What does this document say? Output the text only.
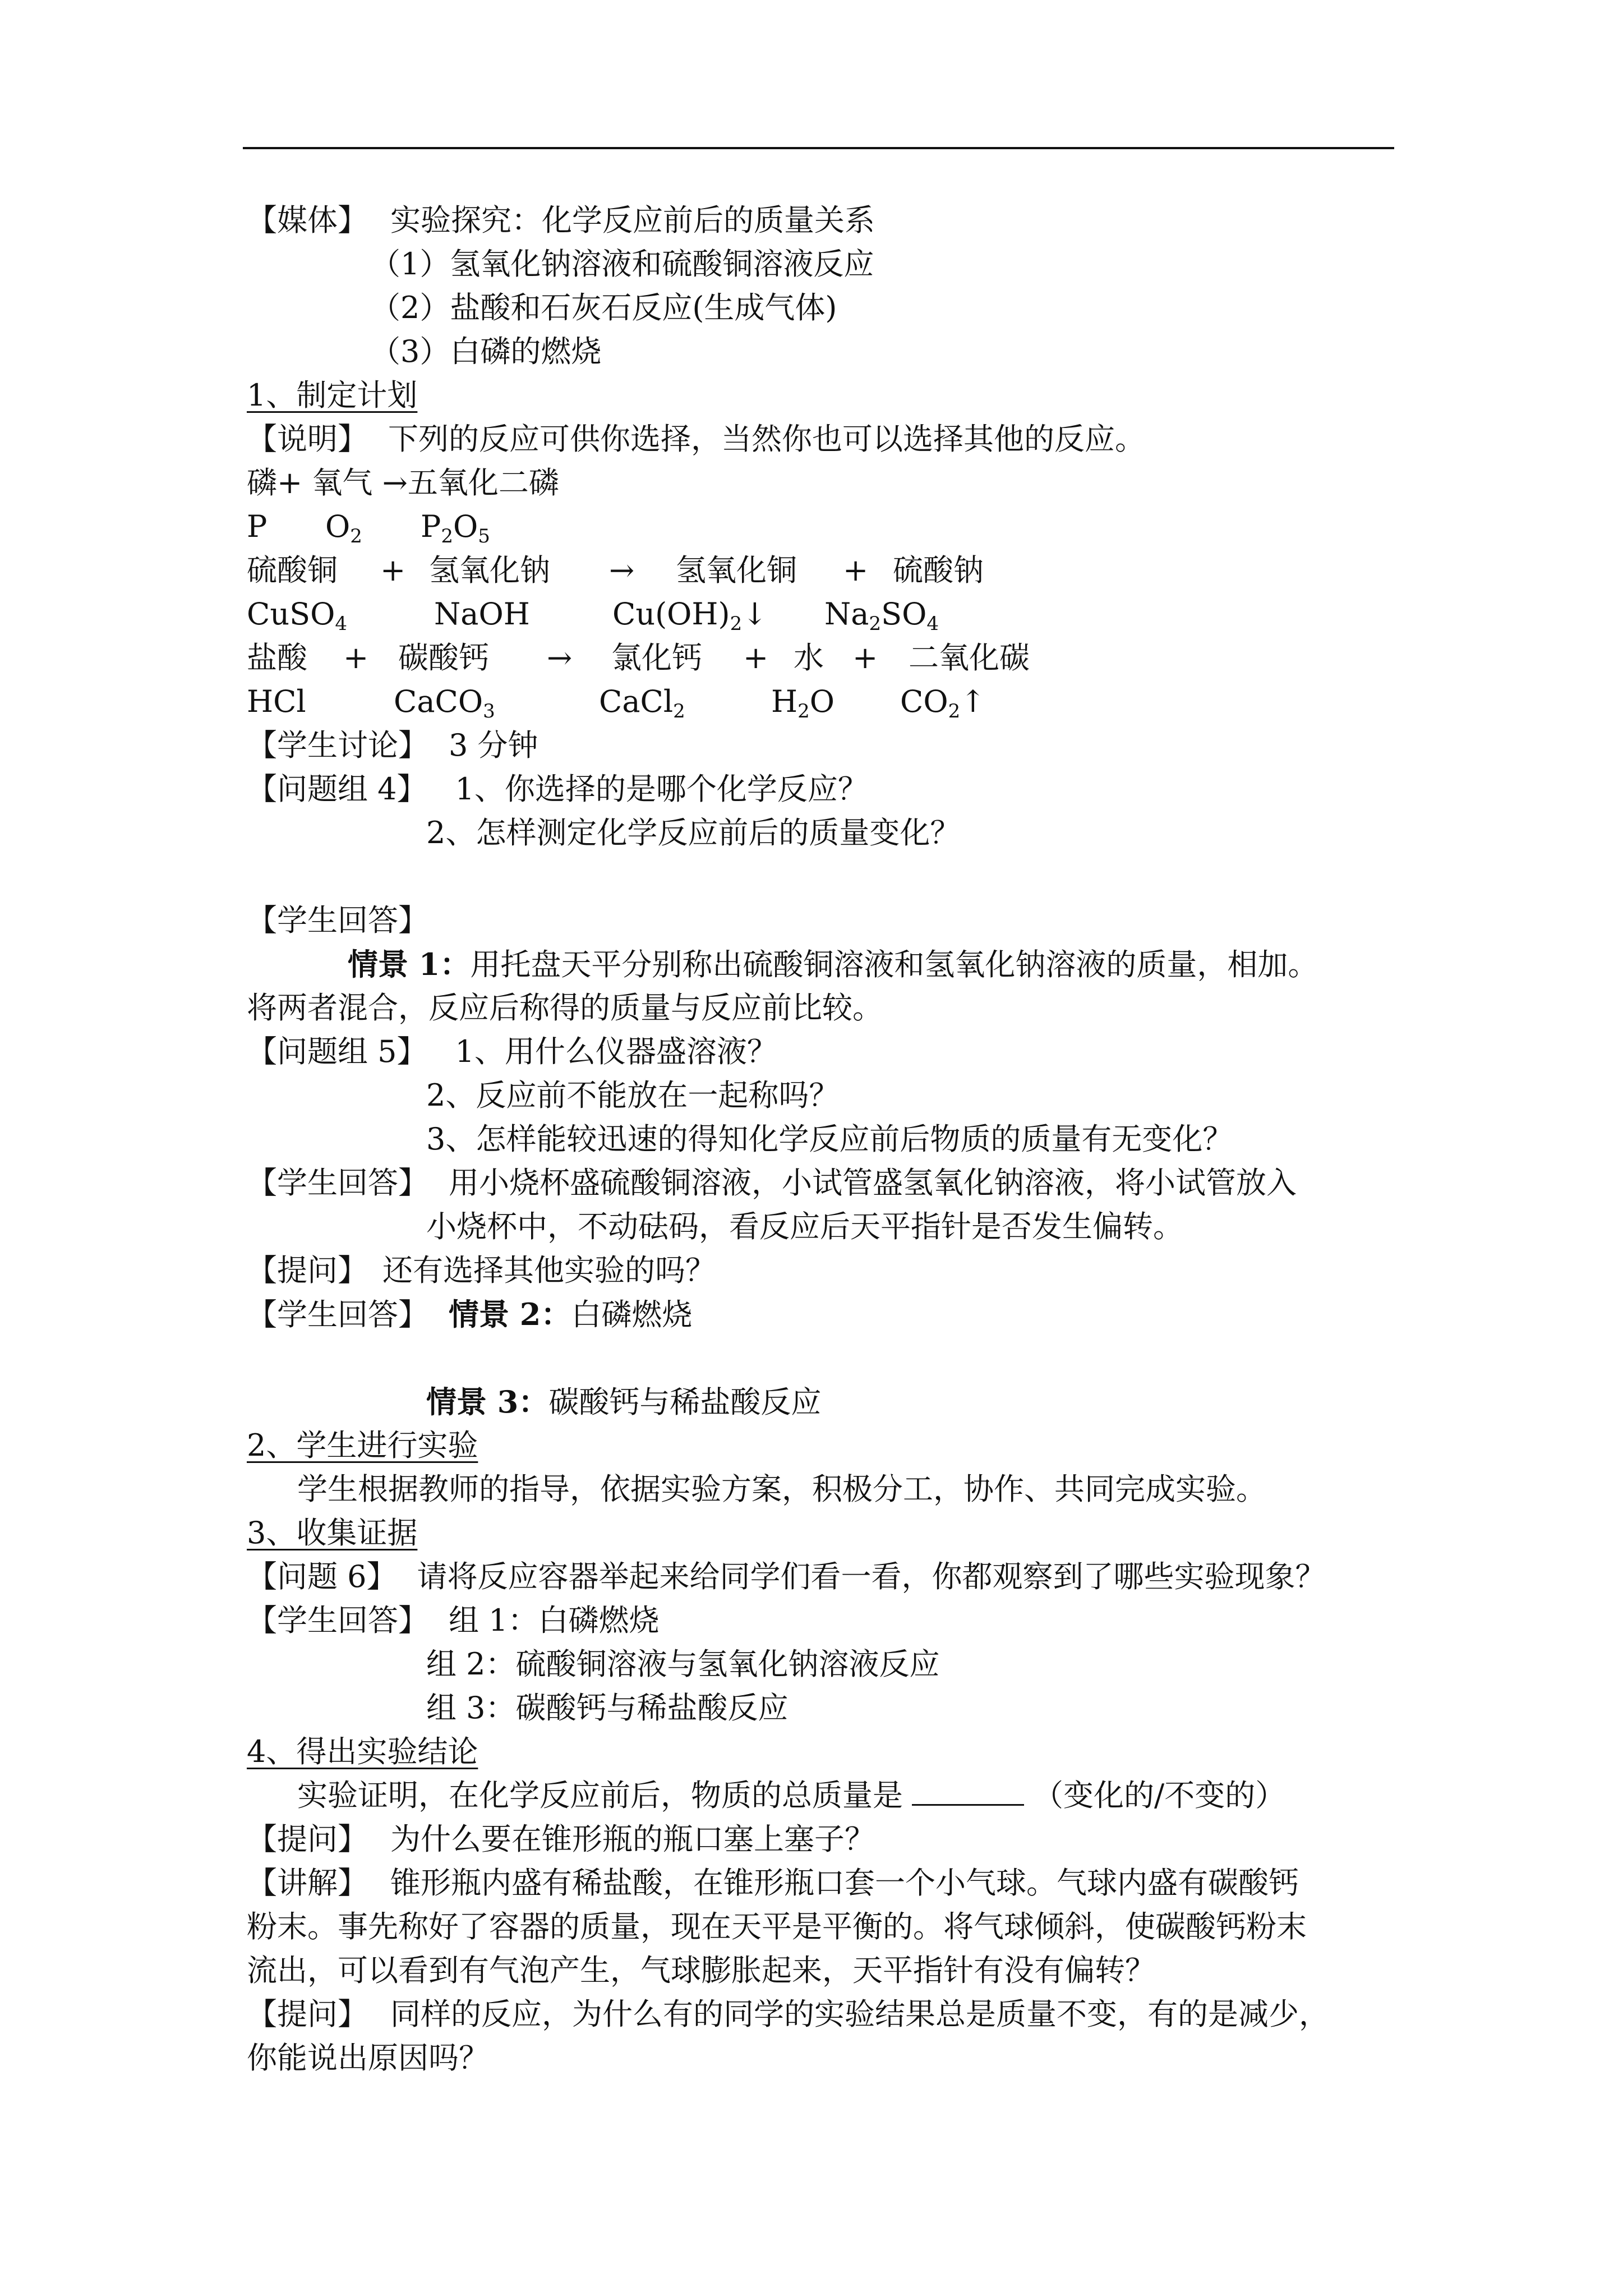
【媒体】 实验探究：化学反应前后的质量关系
（1）氢氧化钠溶液和硫酸铜溶液反应
（2）盐酸和石灰石反应(生成气体)
（3）白磷的燃烧
1、制定计划
【说明】 下列的反应可供你选择，当然你也可以选择其他的反应。
磷+ 氧气 →五氧化二磷
P $O_2$ $P_2O_5$
硫酸铜 + 氢氧化钠 → 氢氧化铜 + 硫酸钠
CuSO$_4$	NaOH	$Cu(OH)_2↓$ $Na_2SO_4$
盐酸 + 碳酸钙 → 氯化钙 + 水 + 二氧化碳
HCl	CaCO$_3$	CaCl$_2$	$H_2O$ $CO_2↑$
【学生讨论】 3 分钟
【问题组 4】 1、你选择的是哪个化学反应？
2、怎样测定化学反应前后的质量变化？
【学生回答】
情景 1：用托盘天平分别称出硫酸铜溶液和氢氧化钠溶液的质量，相加。
将两者混合，反应后称得的质量与反应前比较。
【问题组 5】 1、用什么仪器盛溶液？
2、反应前不能放在一起称吗？
3、怎样能较迅速的得知化学反应前后物质的质量有无变化？
【学生回答】 用小烧杯盛硫酸铜溶液，小试管盛氢氧化钠溶液，将小试管放入
小烧杯中，不动砝码，看反应后天平指针是否发生偏转。
【提问】 还有选择其他实验的吗？
【学生回答】 情景 2：白磷燃烧
情景 3：碳酸钙与稀盐酸反应
2、学生进行实验
学生根据教师的指导，依据实验方案，积极分工，协作、共同完成实验。
3、收集证据
【问题 6】 请将反应容器举起来给同学们看一看，你都观察到了哪些实验现象？
【学生回答】 组 1：白磷燃烧
组 2：硫酸铜溶液与氢氧化钠溶液反应
组 3：碳酸钙与稀盐酸反应
4、得出实验结论
实验证明，在化学反应前后，物质的总质量是	（变化的/不变的）
【提问】 为什么要在锥形瓶的瓶口塞上塞子？
【讲解】 锥形瓶内盛有稀盐酸，在锥形瓶口套一个小气球。气球内盛有碳酸钙
粉末。事先称好了容器的质量，现在天平是平衡的。将气球倾斜，使碳酸钙粉末
流出，可以看到有气泡产生，气球膨胀起来，天平指针有没有偏转？
【提问】 同样的反应，为什么有的同学的实验结果总是质量不变，有的是减少，
你能说出原因吗？
